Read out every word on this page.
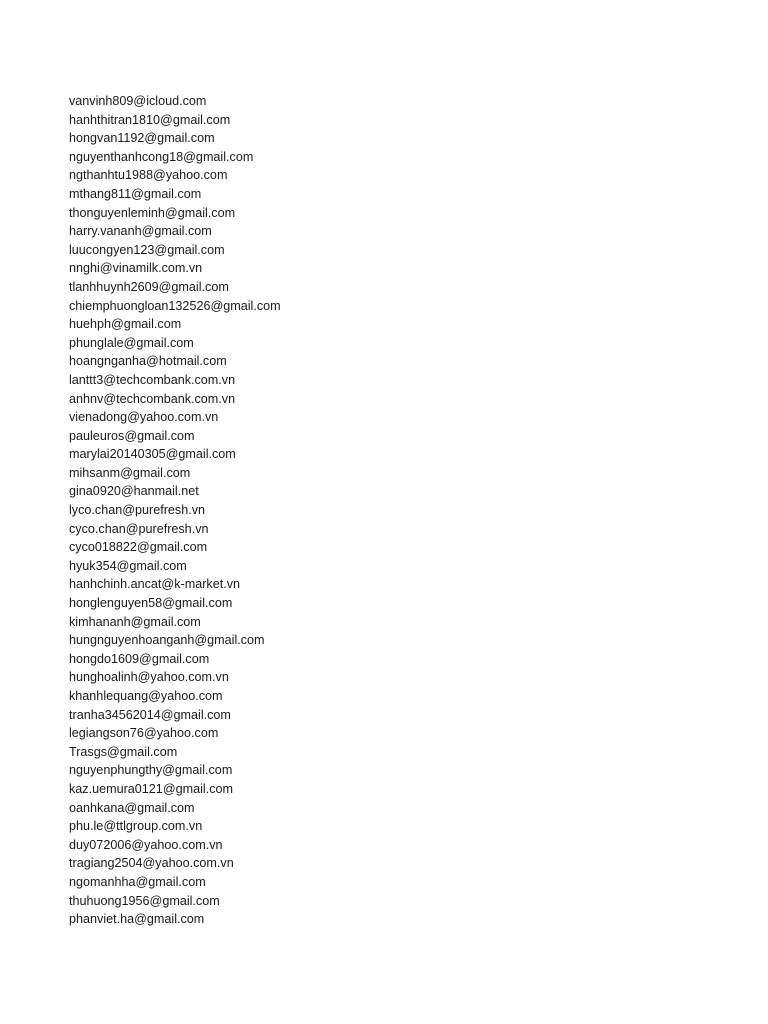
vanvinh809@icloud.com
hanhthitran1810@gmail.com
hongvan1192@gmail.com
nguyenthanhcong18@gmail.com
ngthanhtu1988@yahoo.com
mthang811@gmail.com
thonguyenleminh@gmail.com
harry.vananh@gmail.com
luucongyen123@gmail.com
nnghi@vinamilk.com.vn
tlanhhuynh2609@gmail.com
chiemphuongloan132526@gmail.com
huehph@gmail.com
phunglale@gmail.com
hoangnganha@hotmail.com
lanttt3@techcombank.com.vn
anhnv@techcombank.com.vn
vienadong@yahoo.com.vn
pauleuros@gmail.com
marylai20140305@gmail.com
mihsanm@gmail.com
gina0920@hanmail.net
lyco.chan@purefresh.vn
cyco.chan@purefresh.vn
cyco018822@gmail.com
hyuk354@gmail.com
hanhchinh.ancat@k-market.vn
honglenguyen58@gmail.com
kimhananh@gmail.com
hungnguyenhoanganh@gmail.com
hongdo1609@gmail.com
hunghoalinh@yahoo.com.vn
khanhlequang@yahoo.com
tranha34562014@gmail.com
legiangson76@yahoo.com
Trasgs@gmail.com
nguyenphungthy@gmail.com
kaz.uemura0121@gmail.com
oanhkana@gmail.com
phu.le@ttlgroup.com.vn
duy072006@yahoo.com.vn
tragiang2504@yahoo.com.vn
ngomanhha@gmail.com
thuhuong1956@gmail.com
phanviet.ha@gmail.com
